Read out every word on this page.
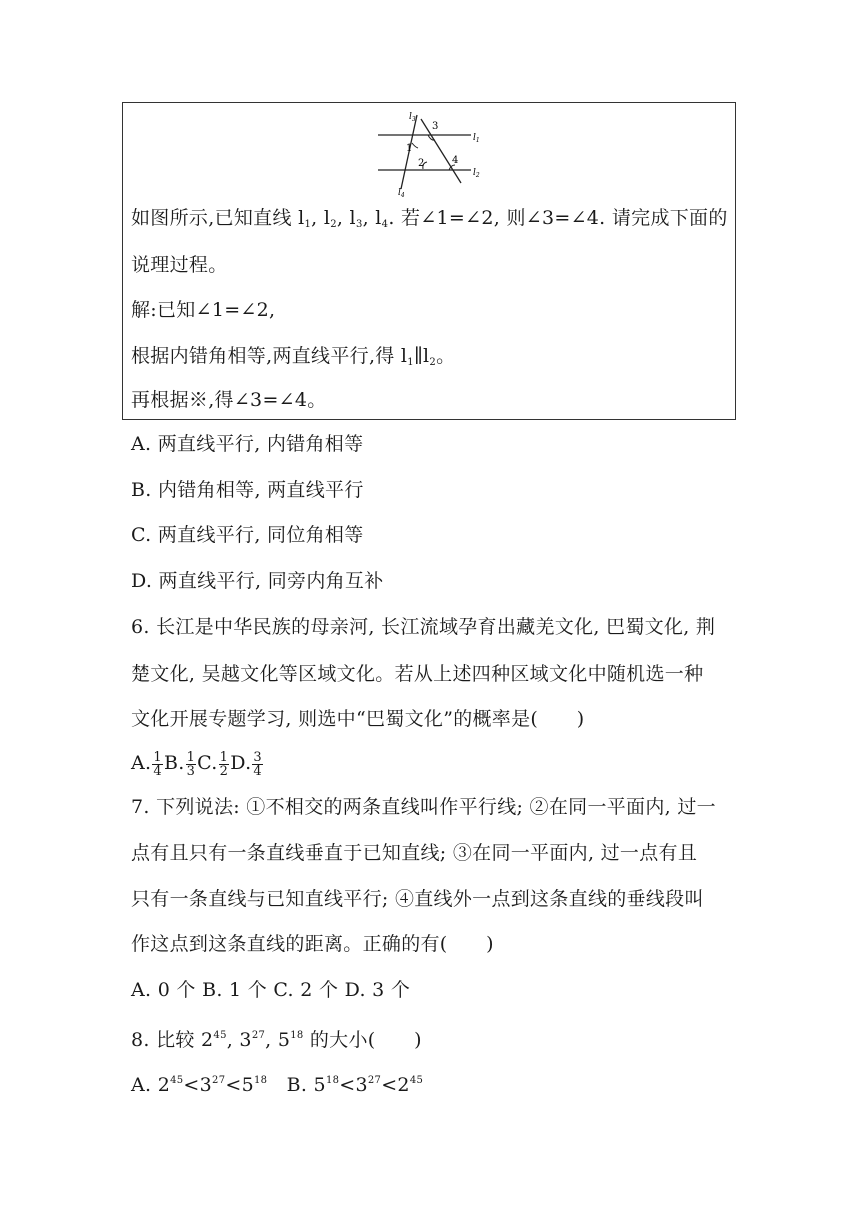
$l_3$
$l_1$
$l_2$
$l_4$
1
2
3
4
如图所示,已知直线 $l_1$, $l_2$, $l_3$, $l_4$. 若∠1=∠2, 则∠3=∠4. 请完成下面的
说理过程。
解:已知∠1=∠2,
根据内错角相等,两直线平行,得 $l_1\parallel l_2$。
再根据※,得∠3=∠4。
A. 两直线平行, 内错角相等
B. 内错角相等, 两直线平行
C. 两直线平行, 同位角相等
D. 两直线平行, 同旁内角互补
6. 长江是中华民族的母亲河, 长江流域孕育出藏羌文化, 巴蜀文化, 荆
楚文化, 吴越文化等区域文化。若从上述四种区域文化中随机选一种
文化开展专题学习, 则选中“巴蜀文化”的概率是(　　)
A. $\frac{1}{4} B$. $\frac{1}{3} C$. $\frac{1}{2} D$. $\frac{3}{4}$
7. 下列说法: ①不相交的两条直线叫作平行线; ②在同一平面内, 过一
点有且只有一条直线垂直于已知直线; ③在同一平面内, 过一点有且
只有一条直线与已知直线平行; ④直线外一点到这条直线的垂线段叫
作这点到这条直线的距离。正确的有(　　)
A. 0 个 B. 1 个 C. 2 个 D. 3 个
8. 比较 $2^{45}$, $3^{27}$, $5^{18}$ 的大小(　　)
A. $2^{45}<3^{27}<5^{18}$　B. $5^{18}<3^{27}<2^{45}$
